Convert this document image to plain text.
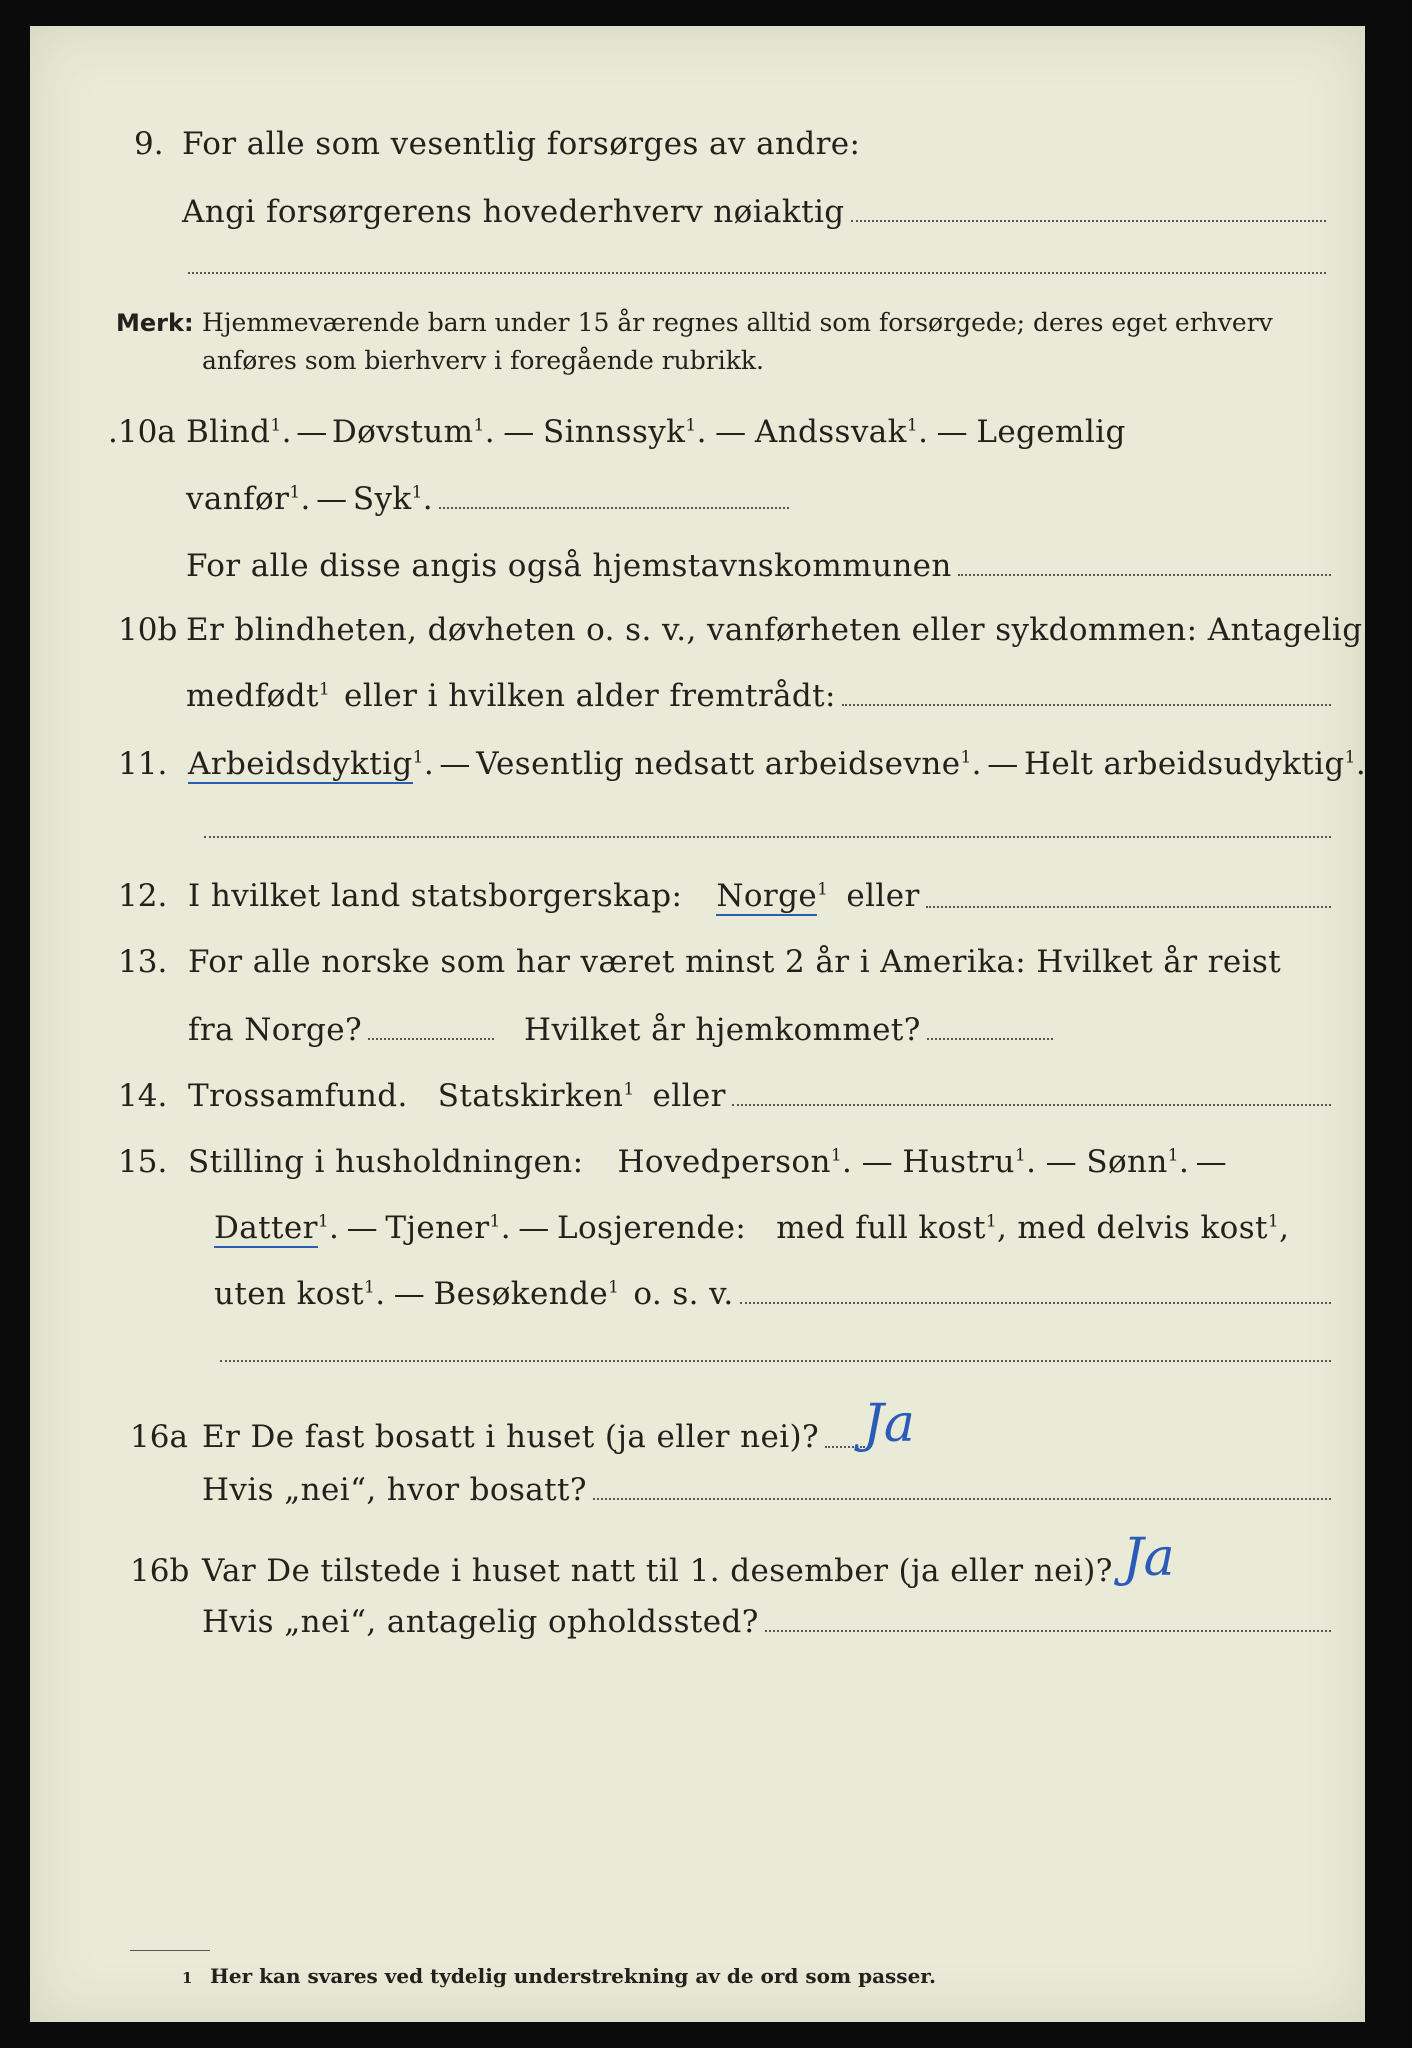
9. For alle som vesentlig forsørges av andre:
Angi forsørgerens hovederhverv nøiaktig
Merk: Hjemmeværende barn under 15 år regnes alltid som forsørgede; deres eget erhverv
anføres som bierhverv i foregående rubrikk.
.10a Blind$^1$. — Døvstum$^1$. — Sinnssyk$^1$. — Andssvak$^1$. — Legemlig
vanfør$^1$. — Syk$^1$.
For alle disse angis også hjemstavnskommunen
10b Er blindheten, døvheten o. s. v., vanførheten eller sykdommen: Antagelig
medfødt$^1$ eller i hvilken alder fremtrådt:
11. Arbeidsdyktig $^1$. — Vesentlig nedsatt arbeidsevne$^1$. — Helt arbeidsudyktig$^1$.
12. I hvilket land statsborgerskap: Norge $^1$ eller
13. For alle norske som har været minst 2 år i Amerika: Hvilket år reist
fra Norge?	Hvilket år hjemkommet?
14. Trossamfund. Statskirken$^1$ eller
15. Stilling i husholdningen: Hovedperson$^1$. — Hustru$^1$. — Sønn$^1$. —
Datter $^1$. — Tjener$^1$. — Losjerende: med full kost$^1$, med delvis kost$^1$,
uten kost$^1$. — Besøkende$^1$ o. s. v.
16a Er De fast bosatt i huset (ja eller nei)? Ja
Hvis „nei“, hvor bosatt?
16b Var De tilstede i huset natt til 1. desember (ja eller nei)? Ja
Hvis „nei“, antagelig opholdssted?
1 Her kan svares ved tydelig understrekning av de ord som passer.
